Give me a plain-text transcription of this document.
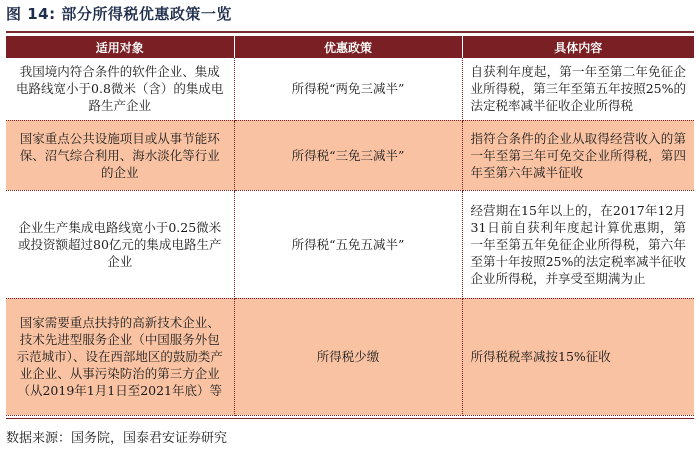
图 14: 部分所得税优惠政策一览
适用对象	优惠政策	具体内容
我国境内符合条件的软件企业、集成电路线宽小于0.8微米（含）的集成电路生产企业	所得税“两免三减半”	自获利年度起，第一年至第二年免征企业所得税，第三年至第五年按照25%的法定税率减半征收企业所得税
国家重点公共设施项目或从事节能环保、沼气综合利用、海水淡化等行业的企业	所得税“三免三减半”	指符合条件的企业从取得经营收入的第一年至第三年可免交企业所得税，第四年至第六年减半征收
企业生产集成电路线宽小于0.25微米或投资额超过80亿元的集成电路生产企业	所得税“五免五减半”	经营期在15年以上的，在2017年12月31日前自获利年度起计算优惠期，第一年至第五年免征企业所得税，第六年至第十年按照25%的法定税率减半征收企业所得税，并享受至期满为止
国家需要重点扶持的高新技术企业、技术先进型服务企业（中国服务外包示范城市）、设在西部地区的鼓励类产业企业、从事污染防治的第三方企业（从2019年1月1日至2021年底）等	所得税少缴	所得税税率减按15%征收
数据来源：国务院，国泰君安证券研究
